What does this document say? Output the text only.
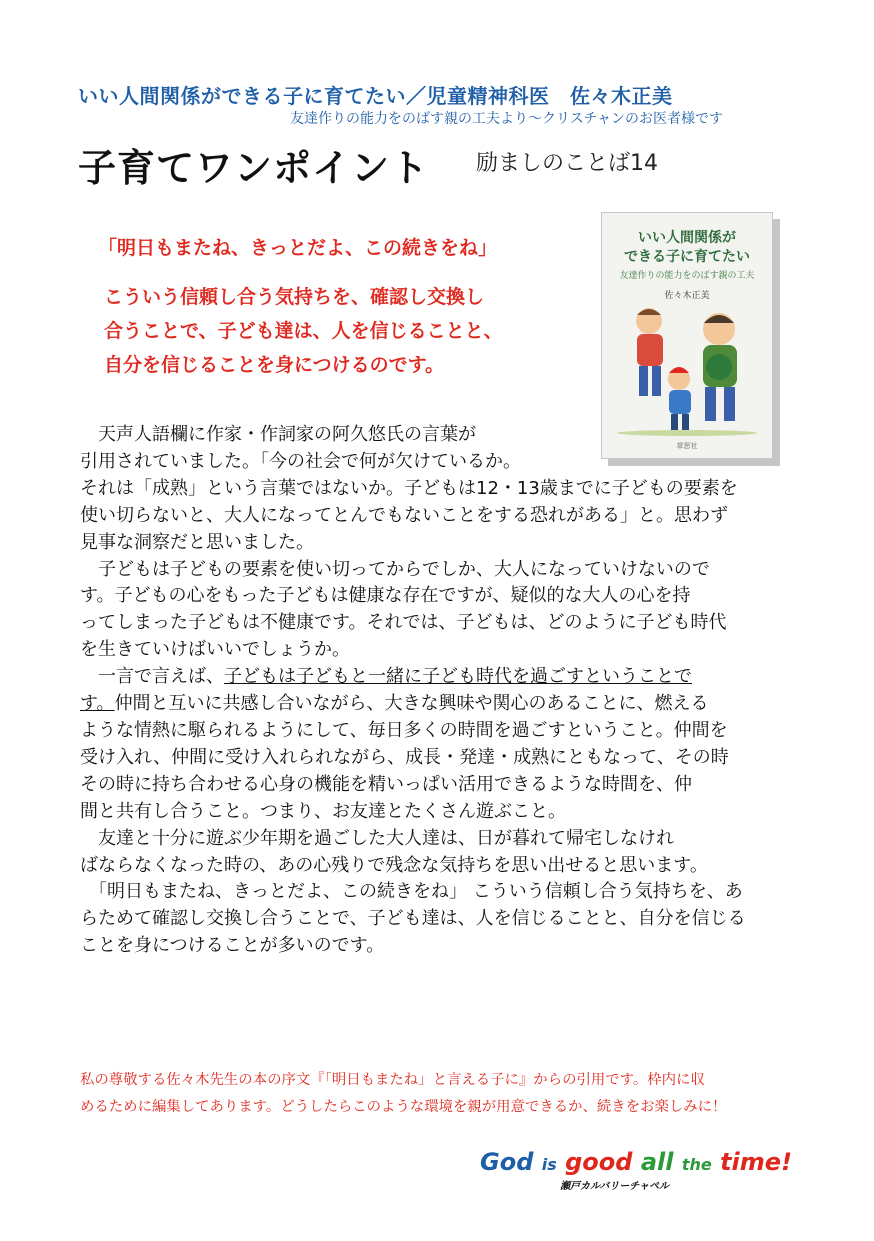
いい人間関係ができる子に育てたい／児童精神科医　佐々木正美
友達作りの能力をのばす親の工夫より～クリスチャンのお医者様です
子育てワンポイント 励ましのことば14
「明日もまたね、きっとだよ、この続きをね」
こういう信頼し合う気持ちを、確認し交換し
合うことで、子ども達は、人を信じることと、
自分を信じることを身につけるのです。
いい人間関係が
できる子に育てたい
友達作りの能力をのばす親の工夫
佐々木正美
草思社
　天声人語欄に作家・作詞家の阿久悠氏の言葉が
引用されていました。「今の社会で何が欠けているか。
それは「成熟」という言葉ではないか。子どもは12・13歳までに子どもの要素を
使い切らないと、大人になってとんでもないことをする恐れがある」と。思わず
見事な洞察だと思いました。
　子どもは子どもの要素を使い切ってからでしか、大人になっていけないので
す。子どもの心をもった子どもは健康な存在ですが、疑似的な大人の心を持
ってしまった子どもは不健康です。それでは、子どもは、どのように子ども時代
を生きていけばいいでしょうか。
　一言で言えば、子どもは子どもと一緒に子ども時代を過ごすということで
す。仲間と互いに共感し合いながら、大きな興味や関心のあることに、燃える
ような情熱に駆られるようにして、毎日多くの時間を過ごすということ。仲間を
受け入れ、仲間に受け入れられながら、成長・発達・成熟にともなって、その時
その時に持ち合わせる心身の機能を精いっぱい活用できるような時間を、仲
間と共有し合うこと。つまり、お友達とたくさん遊ぶこと。
　友達と十分に遊ぶ少年期を過ごした大人達は、日が暮れて帰宅しなけれ
ばならなくなった時の、あの心残りで残念な気持ちを思い出せると思います。
　「明日もまたね、きっとだよ、この続きをね」 こういう信頼し合う気持ちを、あ
らためて確認し交換し合うことで、子ども達は、人を信じることと、自分を信じる
ことを身につけることが多いのです。
私の尊敬する佐々木先生の本の序文『「明日もまたね」と言える子に』からの引用です。枠内に収
めるために編集してあります。どうしたらこのような環境を親が用意できるか、続きをお楽しみに！
God is good all the time!
瀬戸カルバリーチャペル
